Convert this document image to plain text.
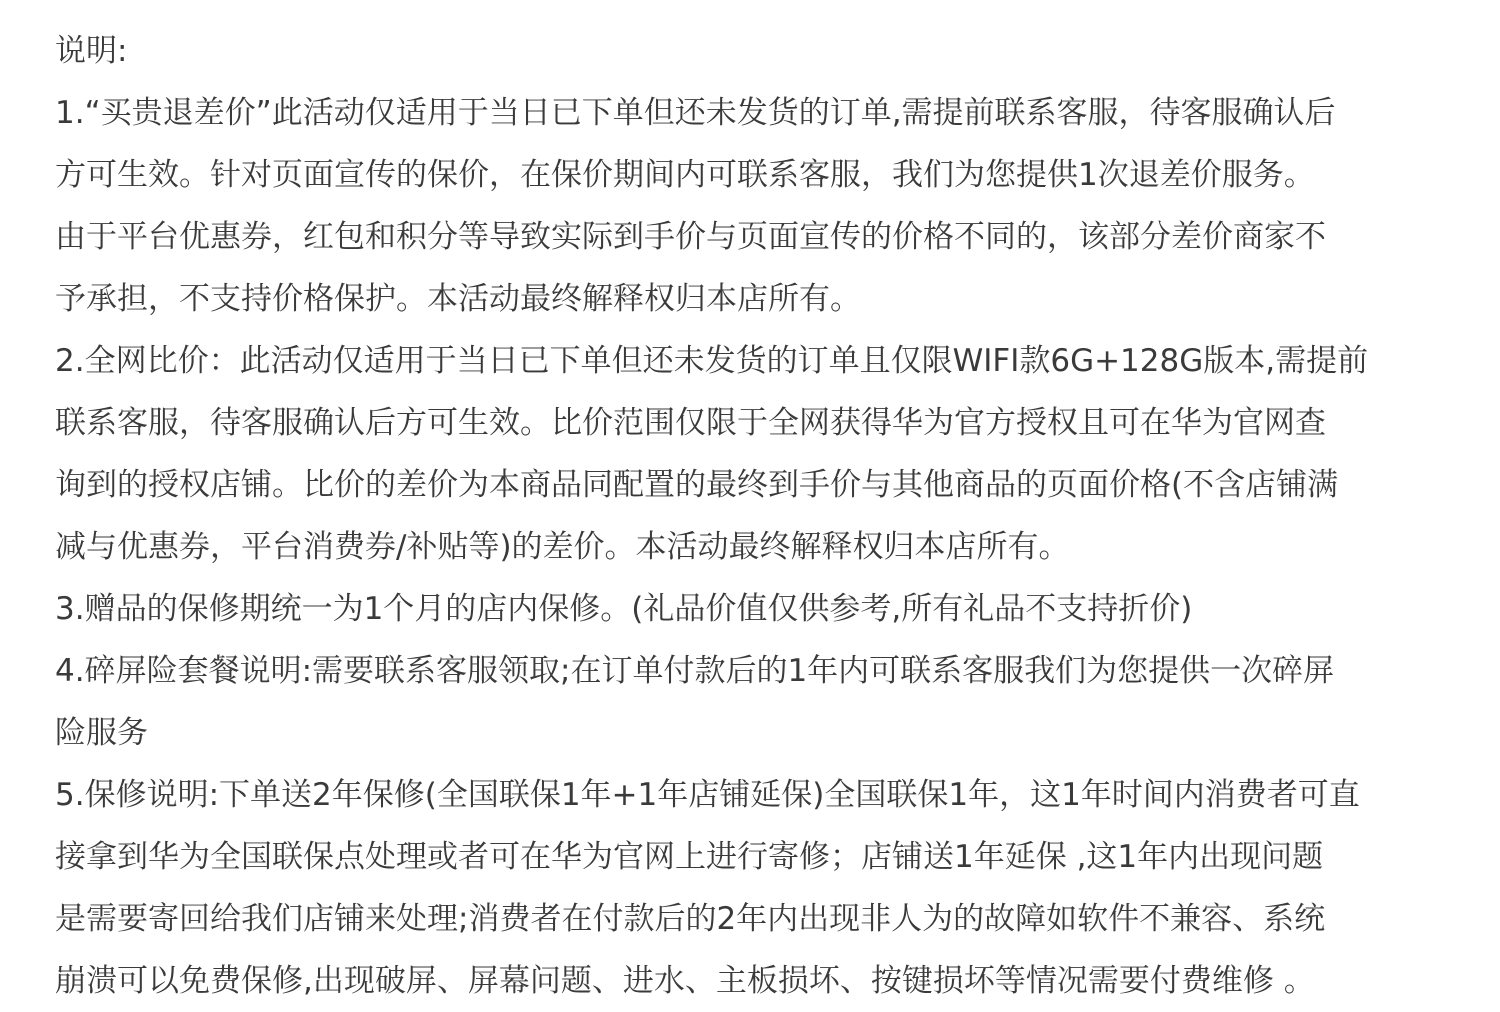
说明:
1.“买贵退差价”此活动仅适用于当日已下单但还未发货的订单,需提前联系客服，待客服确认后
方可生效。针对页面宣传的保价，在保价期间内可联系客服，我们为您提供1次退差价服务。
由于平台优惠券，红包和积分等导致实际到手价与页面宣传的价格不同的，该部分差价商家不
予承担，不支持价格保护。本活动最终解释权归本店所有。
2.全网比价：此活动仅适用于当日已下单但还未发货的订单且仅限WIFI款6G+128G版本,需提前
联系客服，待客服确认后方可生效。比价范围仅限于全网获得华为官方授权且可在华为官网查
询到的授权店铺。比价的差价为本商品同配置的最终到手价与其他商品的页面价格(不含店铺满
减与优惠券，平台消费券/补贴等)的差价。本活动最终解释权归本店所有。
3.赠品的保修期统一为1个月的店内保修。(礼品价值仅供参考,所有礼品不支持折价)
4.碎屏险套餐说明:需要联系客服领取;在订单付款后的1年内可联系客服我们为您提供一次碎屏
险服务
5.保修说明:下单送2年保修(全国联保1年+1年店铺延保)全国联保1年，这1年时间内消费者可直
接拿到华为全国联保点处理或者可在华为官网上进行寄修；店铺送1年延保 ,这1年内出现问题
是需要寄回给我们店铺来处理;消费者在付款后的2年内出现非人为的故障如软件不兼容、系统
崩溃可以免费保修,出现破屏、屏幕问题、进水、主板损坏、按键损坏等情况需要付费维修 。
